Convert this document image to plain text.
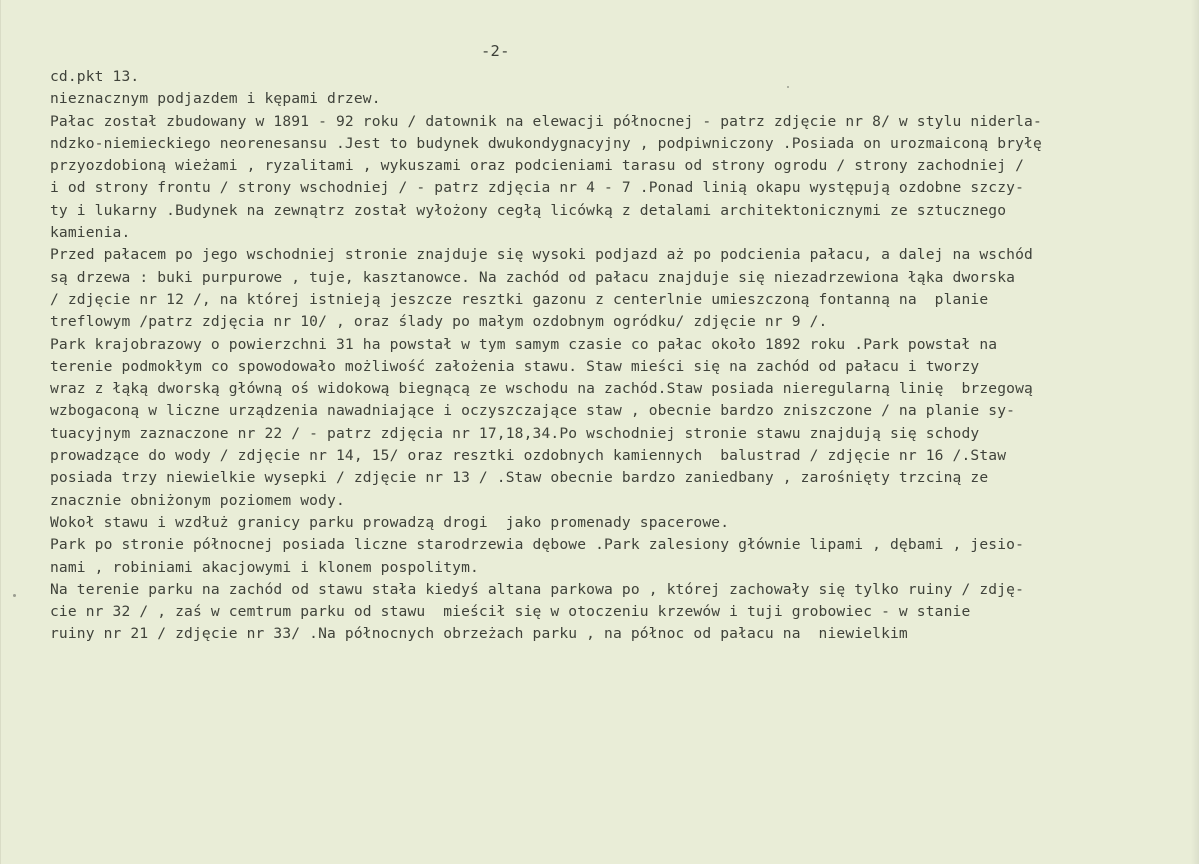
-2-
cd.pkt 13.
nieznacznym podjazdem i kępami drzew.
Pałac został zbudowany w 1891 - 92 roku / datownik na elewacji północnej - patrz zdjęcie nr 8/ w stylu niderla-
ndzko-niemieckiego neorenesansu .Jest to budynek dwukondygnacyjny , podpiwniczony .Posiada on urozmaiconą bryłę
przyozdobioną wieżami , ryzalitami , wykuszami oraz podcieniami tarasu od strony ogrodu / strony zachodniej /
i od strony frontu / strony wschodniej / - patrz zdjęcia nr 4 - 7 .Ponad linią okapu występują ozdobne szczy-
ty i lukarny .Budynek na zewnątrz został wyłożony cegłą licówką z detalami architektonicznymi ze sztucznego
kamienia.
Przed pałacem po jego wschodniej stronie znajduje się wysoki podjazd aż po podcienia pałacu, a dalej na wschód
są drzewa : buki purpurowe , tuje, kasztanowce. Na zachód od pałacu znajduje się niezadrzewiona łąka dworska
/ zdjęcie nr 12 /, na której istnieją jeszcze resztki gazonu z centerlnie umieszczoną fontanną na  planie
treflowym /patrz zdjęcia nr 10/ , oraz ślady po małym ozdobnym ogródku/ zdjęcie nr 9 /.
Park krajobrazowy o powierzchni 31 ha powstał w tym samym czasie co pałac około 1892 roku .Park powstał na
terenie podmokłym co spowodowało możliwość założenia stawu. Staw mieści się na zachód od pałacu i tworzy
wraz z łąką dworską główną oś widokową biegnącą ze wschodu na zachód.Staw posiada nieregularną linię  brzegową
wzbogaconą w liczne urządzenia nawadniające i oczyszczające staw , obecnie bardzo zniszczone / na planie sy-
tuacyjnym zaznaczone nr 22 / - patrz zdjęcia nr 17,18,34.Po wschodniej stronie stawu znajdują się schody
prowadzące do wody / zdjęcie nr 14, 15/ oraz resztki ozdobnych kamiennych  balustrad / zdjęcie nr 16 /.Staw
posiada trzy niewielkie wysepki / zdjęcie nr 13 / .Staw obecnie bardzo zaniedbany , zarośnięty trzciną ze
znacznie obniżonym poziomem wody.
Wokoł stawu i wzdłuż granicy parku prowadzą drogi  jako promenady spacerowe.
Park po stronie północnej posiada liczne starodrzewia dębowe .Park zalesiony głównie lipami , dębami , jesio-
nami , robiniami akacjowymi i klonem pospolitym.
Na terenie parku na zachód od stawu stała kiedyś altana parkowa po , której zachowały się tylko ruiny / zdję-
cie nr 32 / , zaś w cemtrum parku od stawu  mieścił się w otoczeniu krzewów i tuji grobowiec - w stanie
ruiny nr 21 / zdjęcie nr 33/ .Na północnych obrzeżach parku , na północ od pałacu na  niewielkim
